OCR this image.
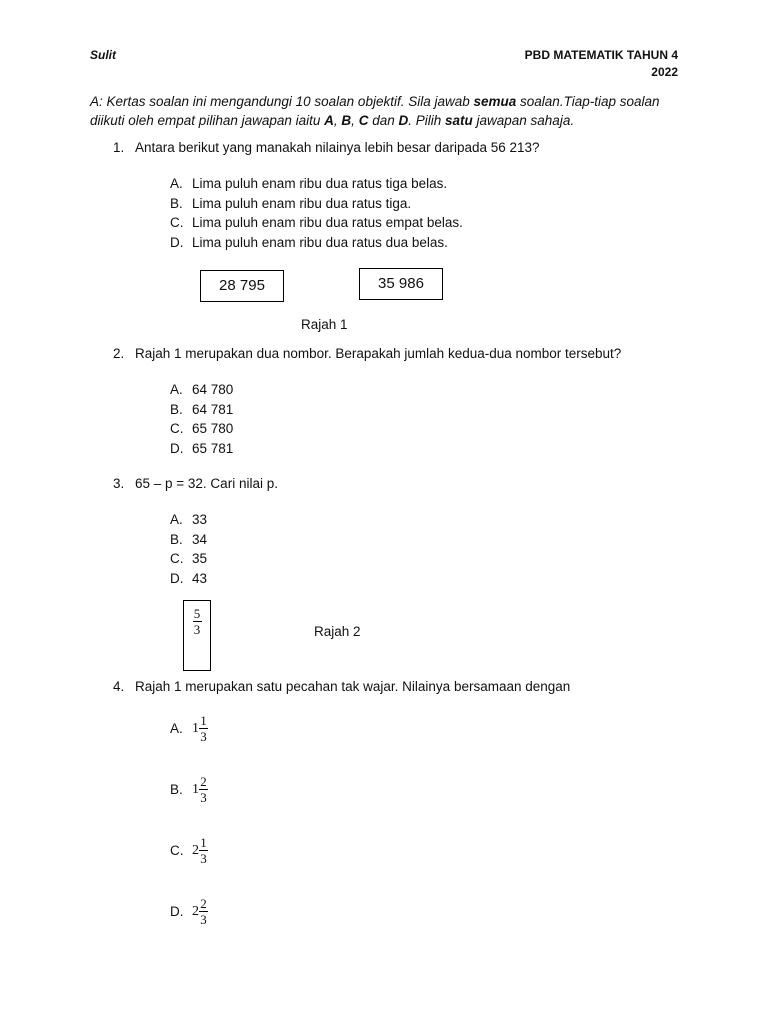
Sulit	PBD MATEMATIK TAHUN 4
2022
A: Kertas soalan ini mengandungi 10 soalan objektif. Sila jawab semua soalan.Tiap-tiap soalan diikuti oleh empat pilihan jawapan iaitu A, B, C dan D. Pilih satu jawapan sahaja.
1. Antara berikut yang manakah nilainya lebih besar daripada 56 213?
A. Lima puluh enam ribu dua ratus tiga belas.
B. Lima puluh enam ribu dua ratus tiga.
C. Lima puluh enam ribu dua ratus empat belas.
D. Lima puluh enam ribu dua ratus dua belas.
28 795	35 986
Rajah 1
2. Rajah 1 merupakan dua nombor. Berapakah jumlah kedua-dua nombor tersebut?
A. 64 780
B. 64 781
C. 65 780
D. 65 781
3. 65 – p = 32. Cari nilai p.
A. 33
B. 34
C. 35
D. 43
$\frac{5}{3}$	Rajah 2
4. Rajah 1 merupakan satu pecahan tak wajar. Nilainya bersamaan dengan
A. $1 \frac{1}{3}$
B. $1 \frac{2}{3}$
C. $2 \frac{1}{3}$
D. $2 \frac{2}{3}$
